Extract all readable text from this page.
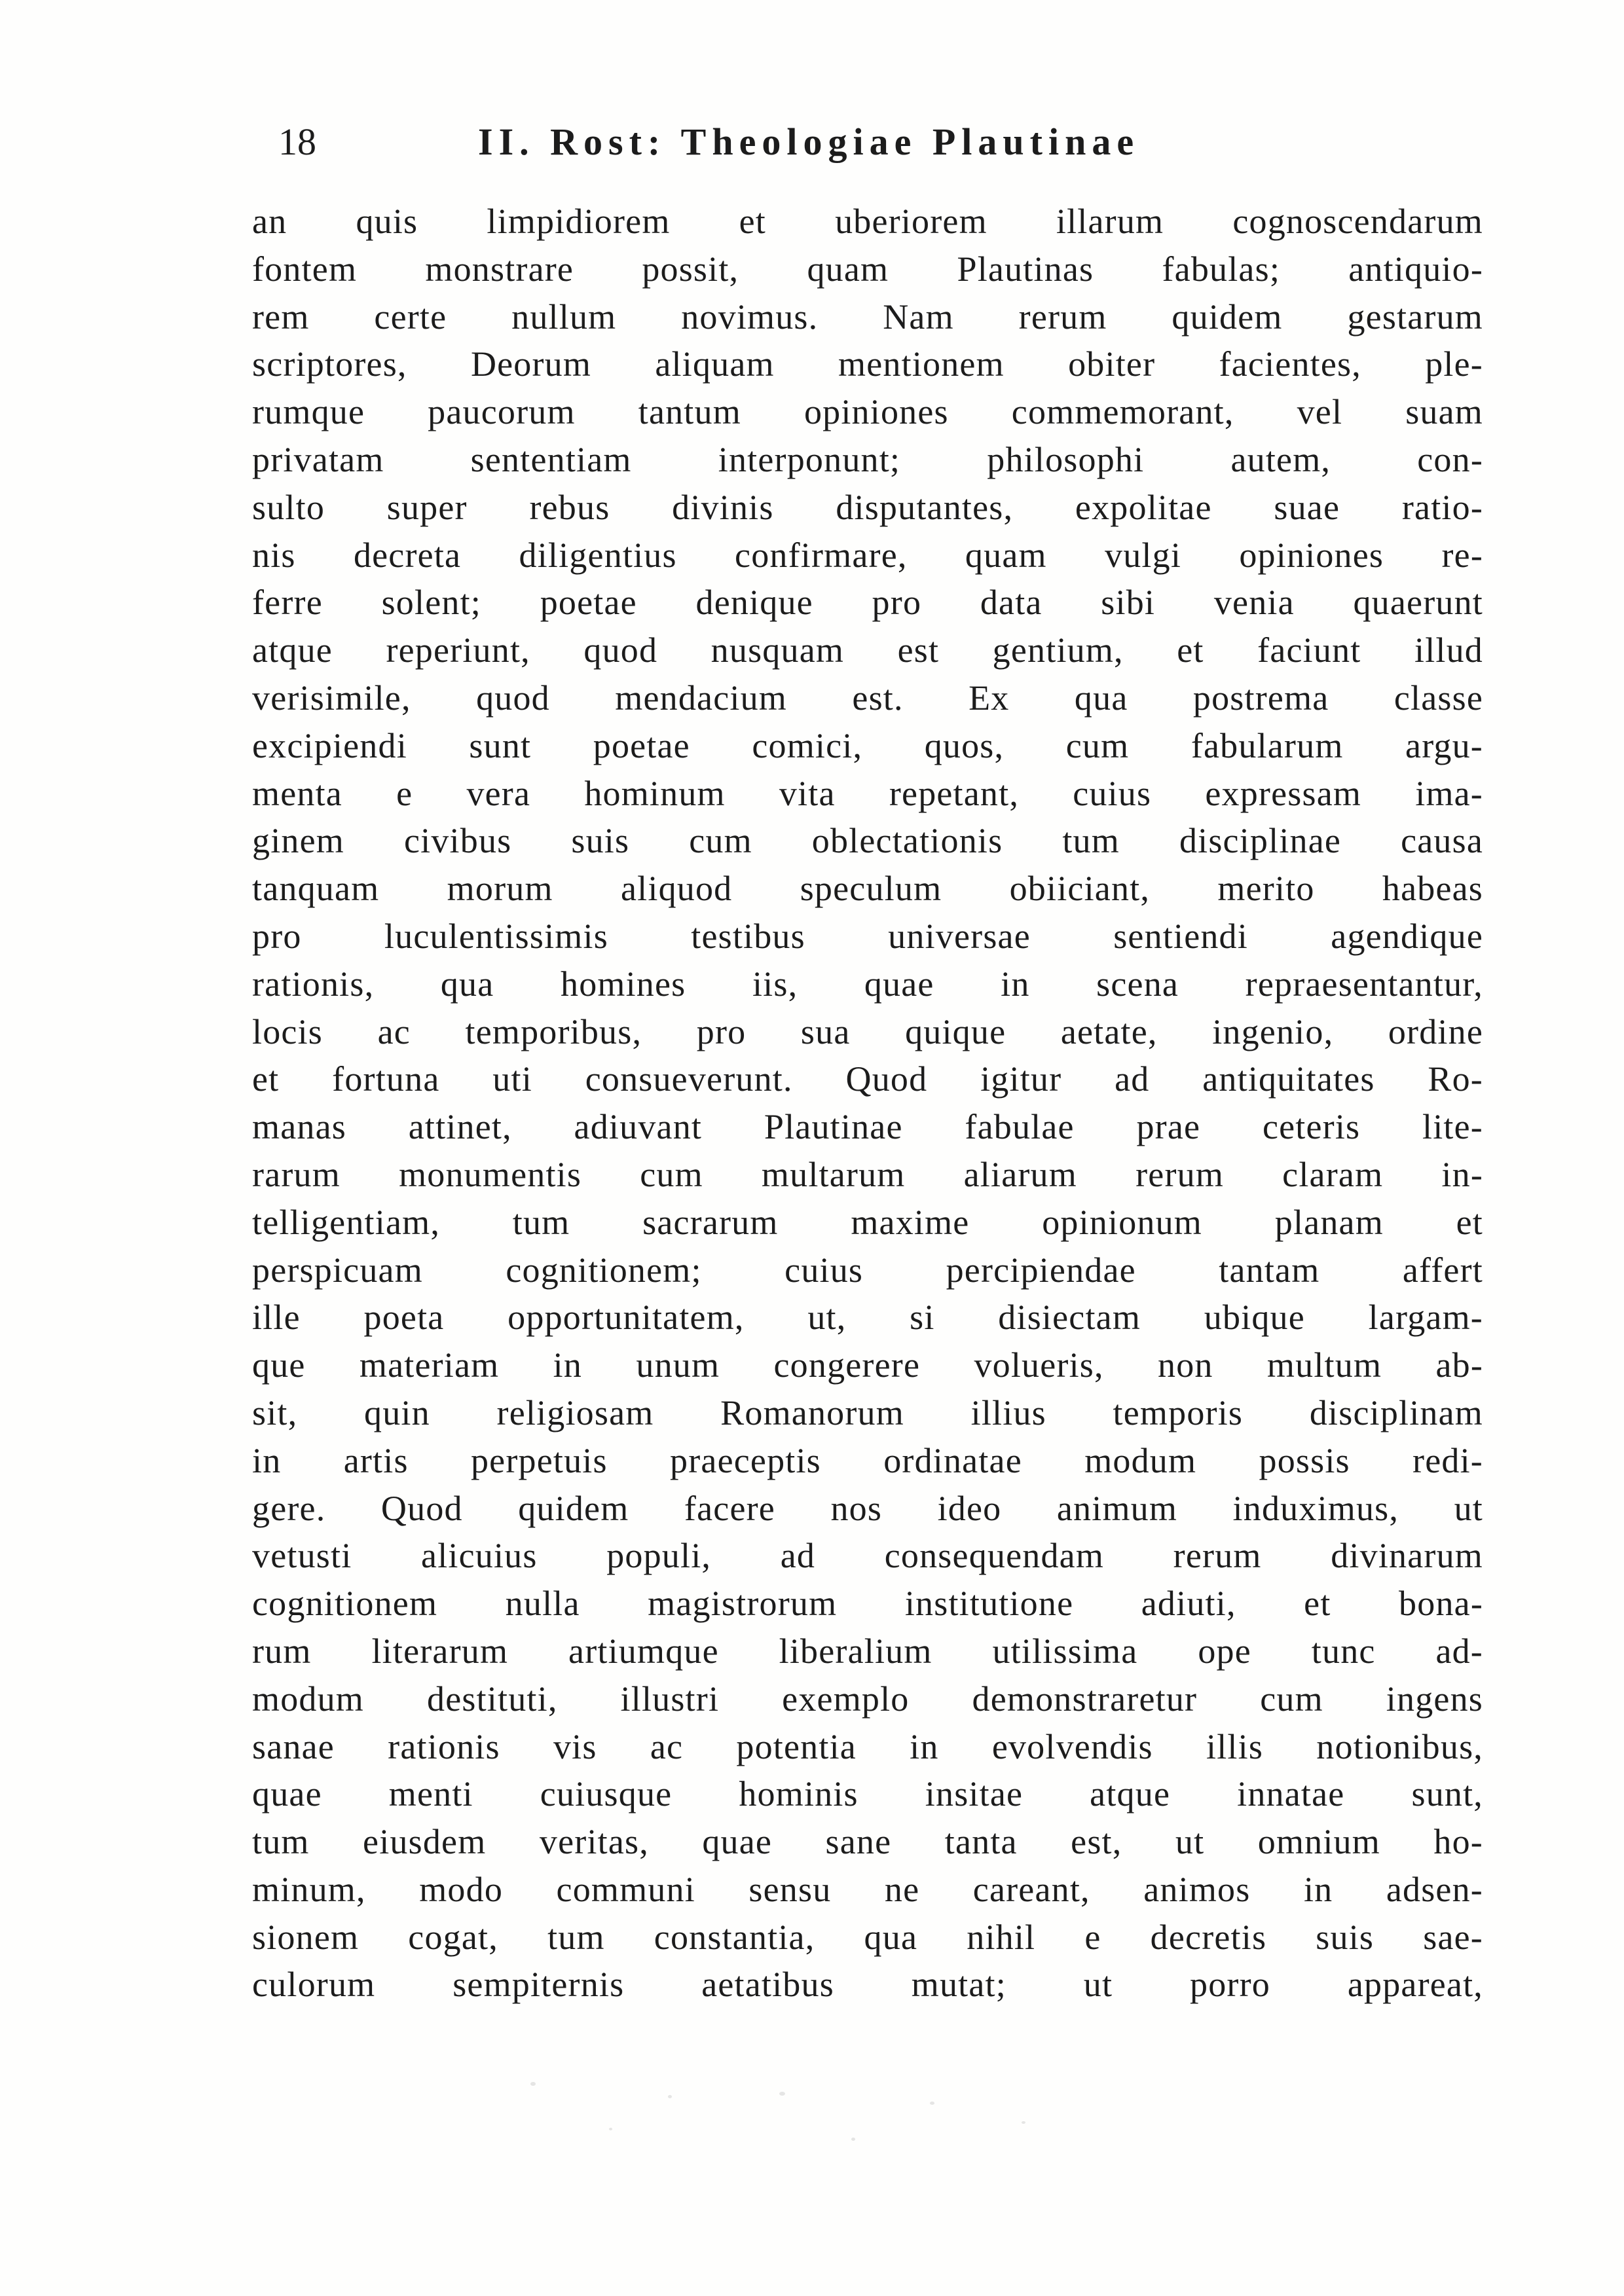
18	II. Rost: Theologiae Plautinae
an quis limpidiorem et uberiorem illarum cognoscendarum
fontem monstrare possit, quam Plautinas fabulas; antiquio-
rem certe nullum novimus. Nam rerum quidem gestarum
scriptores, Deorum aliquam mentionem obiter facientes, ple-
rumque paucorum tantum opiniones commemorant, vel suam
privatam sententiam interponunt; philosophi autem, con-
sulto super rebus divinis disputantes, expolitae suae ratio-
nis decreta diligentius confirmare, quam vulgi opiniones re-
ferre solent; poetae denique pro data sibi venia quaerunt
atque reperiunt, quod nusquam est gentium, et faciunt illud
verisimile, quod mendacium est. Ex qua postrema classe
excipiendi sunt poetae comici, quos, cum fabularum argu-
menta e vera hominum vita repetant, cuius expressam ima-
ginem civibus suis cum oblectationis tum disciplinae causa
tanquam morum aliquod speculum obiiciant, merito habeas
pro luculentissimis testibus universae sentiendi agendique
rationis, qua homines iis, quae in scena repraesentantur,
locis ac temporibus, pro sua quique aetate, ingenio, ordine
et fortuna uti consueverunt. Quod igitur ad antiquitates Ro-
manas attinet, adiuvant Plautinae fabulae prae ceteris lite-
rarum monumentis cum multarum aliarum rerum claram in-
telligentiam, tum sacrarum maxime opinionum planam et
perspicuam cognitionem; cuius percipiendae tantam affert
ille poeta opportunitatem, ut, si disiectam ubique largam-
que materiam in unum congerere volueris, non multum ab-
sit, quin religiosam Romanorum illius temporis disciplinam
in artis perpetuis praeceptis ordinatae modum possis redi-
gere. Quod quidem facere nos ideo animum induximus, ut
vetusti alicuius populi, ad consequendam rerum divinarum
cognitionem nulla magistrorum institutione adiuti, et bona-
rum literarum artiumque liberalium utilissima ope tunc ad-
modum destituti, illustri exemplo demonstraretur cum ingens
sanae rationis vis ac potentia in evolvendis illis notionibus,
quae menti cuiusque hominis insitae atque innatae sunt,
tum eiusdem veritas, quae sane tanta est, ut omnium ho-
minum, modo communi sensu ne careant, animos in adsen-
sionem cogat, tum constantia, qua nihil e decretis suis sae-
culorum sempiternis aetatibus mutat; ut porro appareat,
